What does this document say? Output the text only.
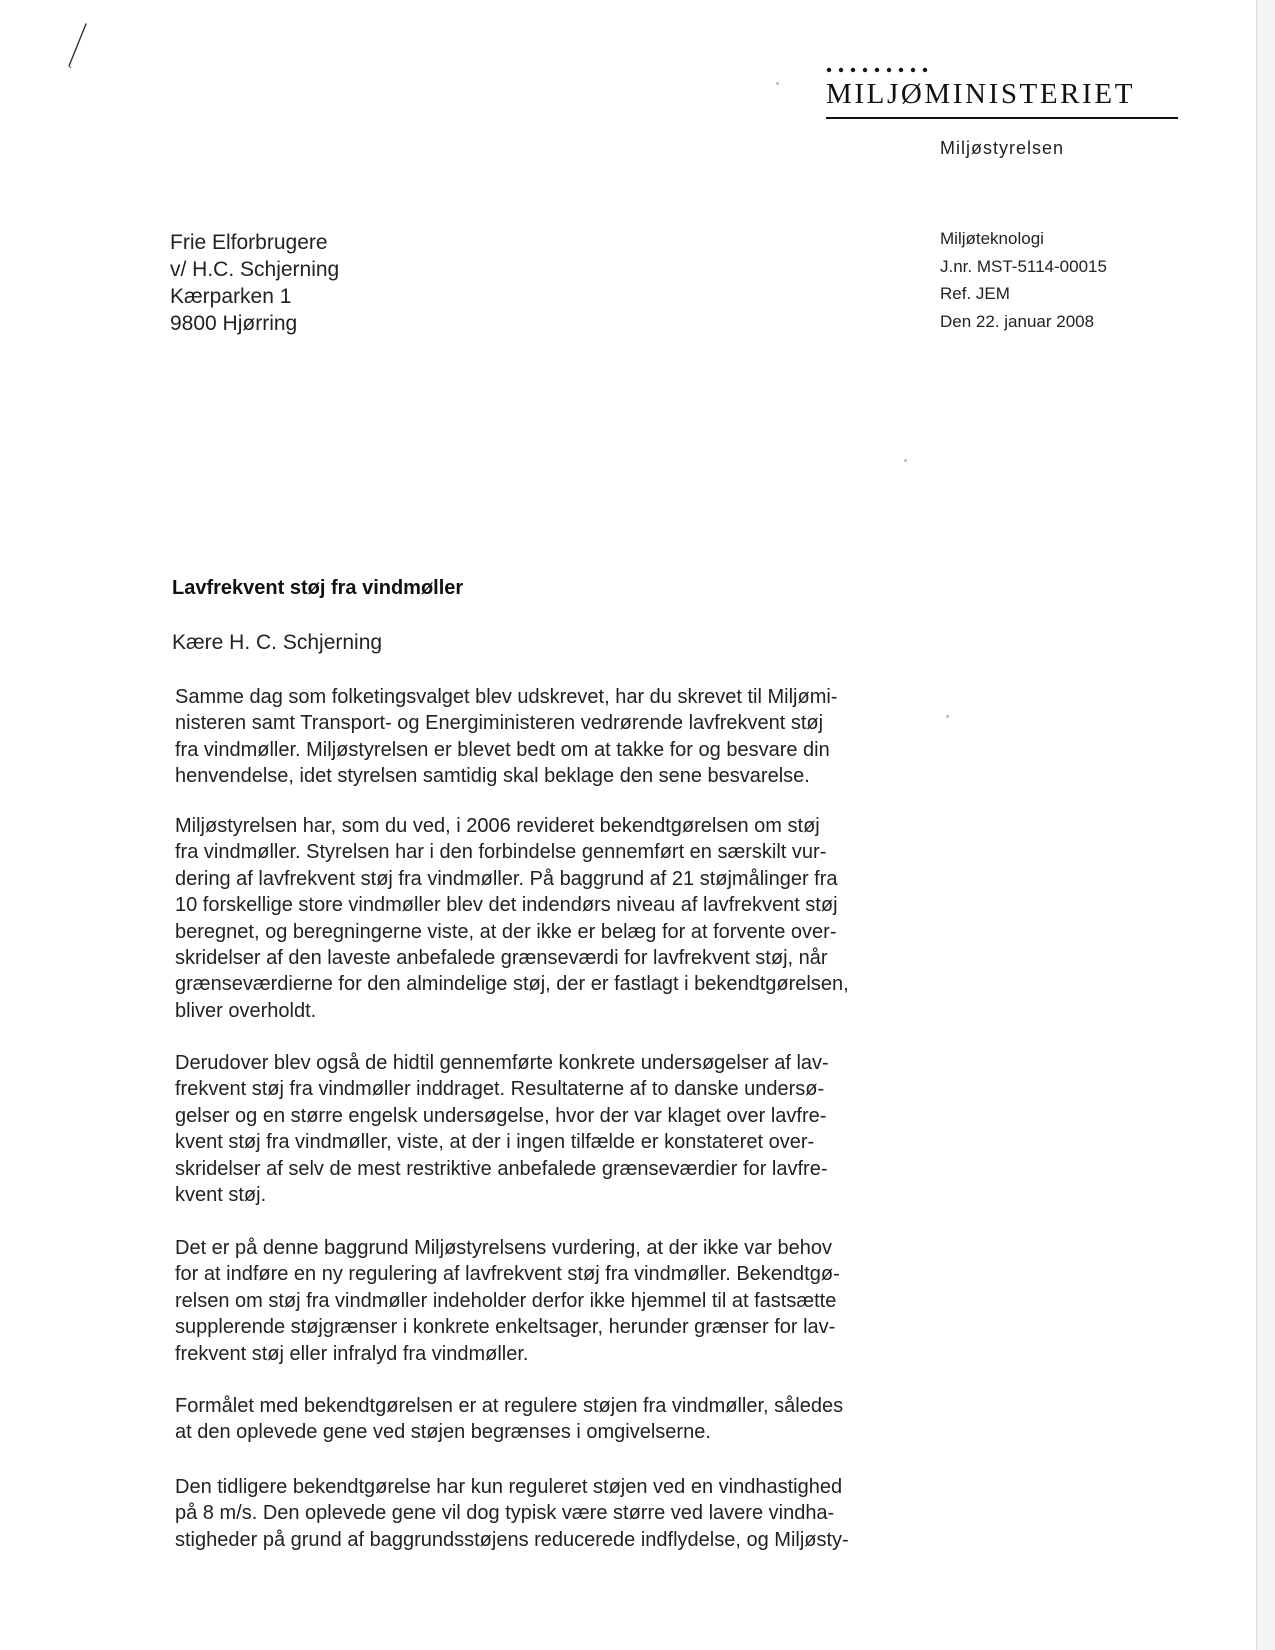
MILJØMINISTERIET
Miljøstyrelsen
Frie Elforbrugere
v/ H.C. Schjerning
Kærparken 1
9800 Hjørring
Miljøteknologi
J.nr. MST-5114-00015
Ref. JEM
Den 22. januar 2008
Lavfrekvent støj fra vindmøller
Kære H. C. Schjerning
Samme dag som folketingsvalget blev udskrevet, har du skrevet til Miljømi-
nisteren samt Transport- og Energiministeren vedrørende lavfrekvent støj
fra vindmøller. Miljøstyrelsen er blevet bedt om at takke for og besvare din
henvendelse, idet styrelsen samtidig skal beklage den sene besvarelse.
Miljøstyrelsen har, som du ved, i 2006 revideret bekendtgørelsen om støj
fra vindmøller. Styrelsen har i den forbindelse gennemført en særskilt vur-
dering af lavfrekvent støj fra vindmøller. På baggrund af 21 støjmålinger fra
10 forskellige store vindmøller blev det indendørs niveau af lavfrekvent støj
beregnet, og beregningerne viste, at der ikke er belæg for at forvente over-
skridelser af den laveste anbefalede grænseværdi for lavfrekvent støj, når
grænseværdierne for den almindelige støj, der er fastlagt i bekendtgørelsen,
bliver overholdt.
Derudover blev også de hidtil gennemførte konkrete undersøgelser af lav-
frekvent støj fra vindmøller inddraget. Resultaterne af to danske undersø-
gelser og en større engelsk undersøgelse, hvor der var klaget over lavfre-
kvent støj fra vindmøller, viste, at der i ingen tilfælde er konstateret over-
skridelser af selv de mest restriktive anbefalede grænseværdier for lavfre-
kvent støj.
Det er på denne baggrund Miljøstyrelsens vurdering, at der ikke var behov
for at indføre en ny regulering af lavfrekvent støj fra vindmøller. Bekendtgø-
relsen om støj fra vindmøller indeholder derfor ikke hjemmel til at fastsætte
supplerende støjgrænser i konkrete enkeltsager, herunder grænser for lav-
frekvent støj eller infralyd fra vindmøller.
Formålet med bekendtgørelsen er at regulere støjen fra vindmøller, således
at den oplevede gene ved støjen begrænses i omgivelserne.
Den tidligere bekendtgørelse har kun reguleret støjen ved en vindhastighed
på 8 m/s. Den oplevede gene vil dog typisk være større ved lavere vindha-
stigheder på grund af baggrundsstøjens reducerede indflydelse, og Miljøsty-
